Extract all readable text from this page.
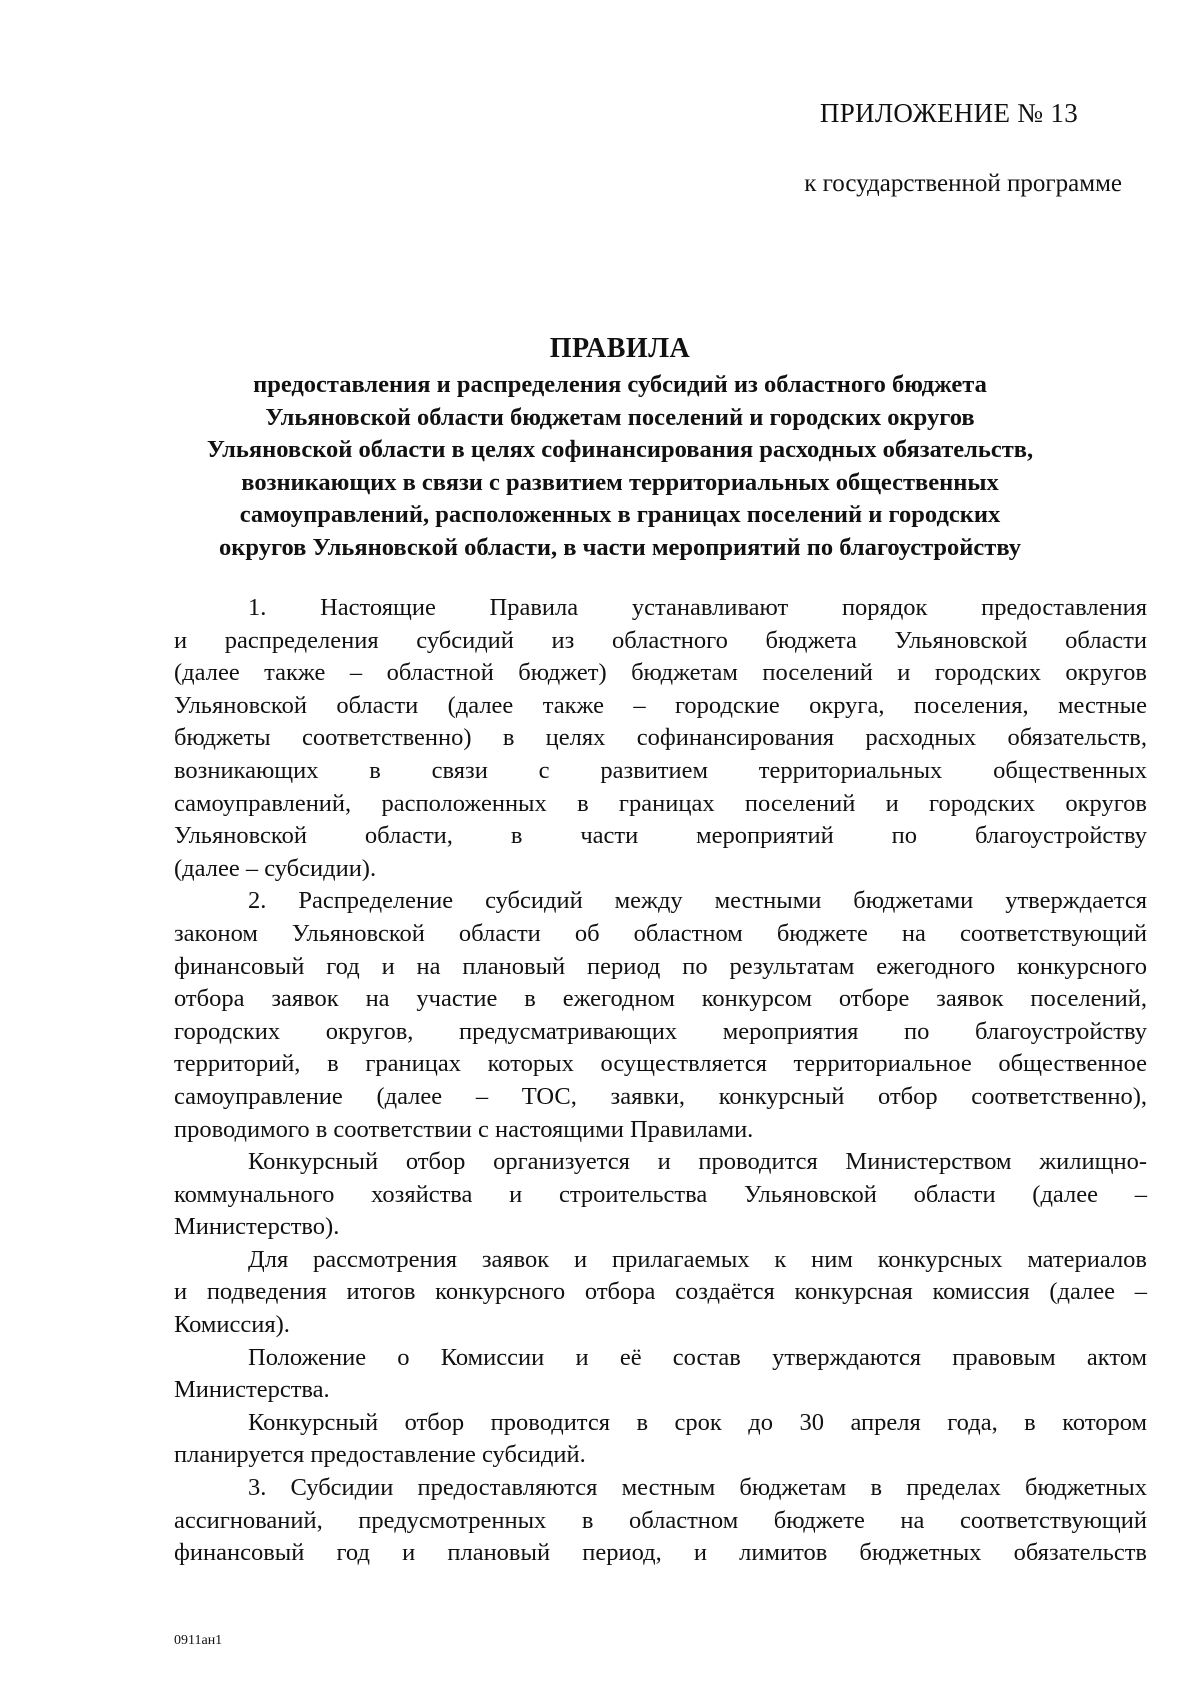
ПРИЛОЖЕНИЕ № 13
к государственной программе
ПРАВИЛА
предоставления и распределения субсидий из областного бюджета
Ульяновской области бюджетам поселений и городских округов
Ульяновской области в целях софинансирования расходных обязательств,
возникающих в связи с развитием территориальных общественных
самоуправлений, расположенных в границах поселений и городских
округов Ульяновской области, в части мероприятий по благоустройству
1. Настоящие Правила устанавливают порядок предоставления
и распределения субсидий из областного бюджета Ульяновской области
(далее также – областной бюджет) бюджетам поселений и городских округов
Ульяновской области (далее также – городские округа, поселения, местные
бюджеты соответственно) в целях софинансирования расходных обязательств,
возникающих в связи с развитием территориальных общественных
самоуправлений, расположенных в границах поселений и городских округов
Ульяновской области, в части мероприятий по благоустройству
(далее – субсидии).
2. Распределение субсидий между местными бюджетами утверждается
законом Ульяновской области об областном бюджете на соответствующий
финансовый год и на плановый период по результатам ежегодного конкурсного
отбора заявок на участие в ежегодном конкурсом отборе заявок поселений,
городских округов, предусматривающих мероприятия по благоустройству
территорий, в границах которых осуществляется территориальное общественное
самоуправление (далее – ТОС, заявки, конкурсный отбор соответственно),
проводимого в соответствии с настоящими Правилами.
Конкурсный отбор организуется и проводится Министерством жилищно-
коммунального хозяйства и строительства Ульяновской области (далее –
Министерство).
Для рассмотрения заявок и прилагаемых к ним конкурсных материалов
и подведения итогов конкурсного отбора создаётся конкурсная комиссия (далее –
Комиссия).
Положение о Комиссии и её состав утверждаются правовым актом
Министерства.
Конкурсный отбор проводится в срок до 30 апреля года, в котором
планируется предоставление субсидий.
3. Субсидии предоставляются местным бюджетам в пределах бюджетных
ассигнований, предусмотренных в областном бюджете на соответствующий
финансовый год и плановый период, и лимитов бюджетных обязательств
0911ан1
